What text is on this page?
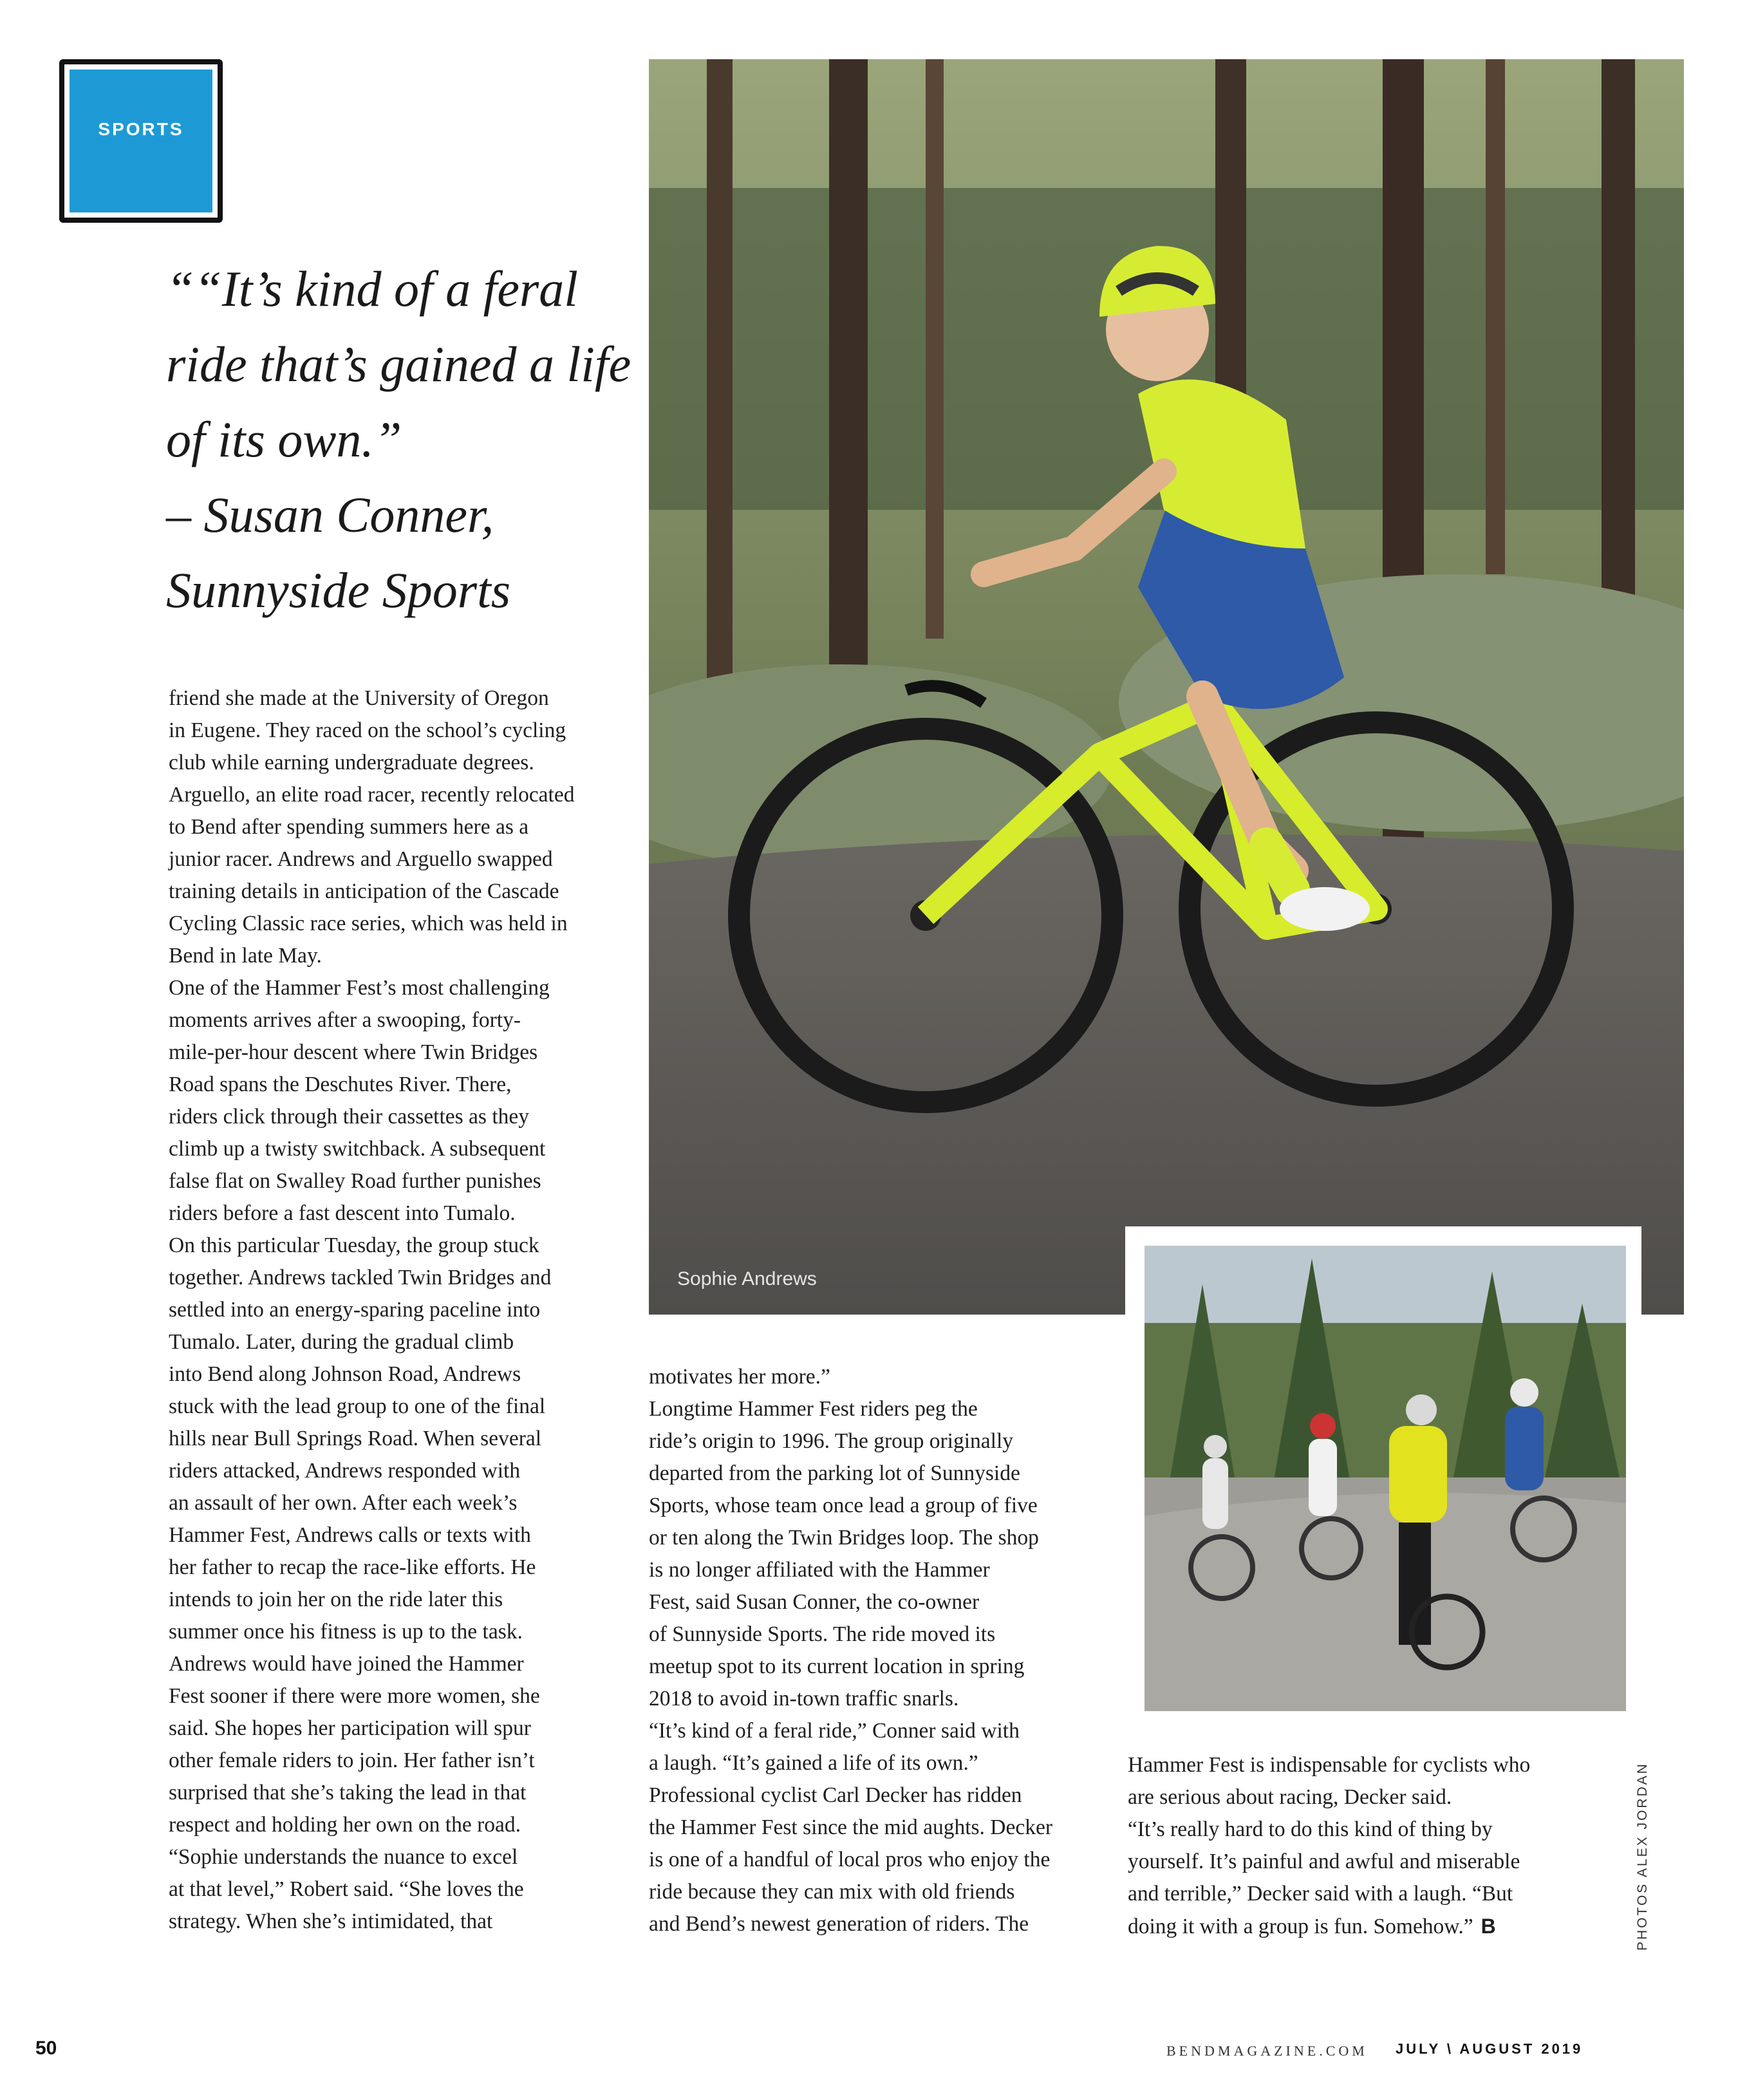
SPORTS
““It’s kind of a feral
ride that’s gained a life
of its own.”
– Susan Conner,
Sunnyside Sports
Sophie Andrews
friend she made at the University of Oregon
in Eugene. They raced on the school’s cycling
club while earning undergraduate degrees.
Arguello, an elite road racer, recently relocated
to Bend after spending summers here as a
junior racer. Andrews and Arguello swapped
training details in anticipation of the Cascade
Cycling Classic race series, which was held in
Bend in late May.
One of the Hammer Fest’s most challenging
moments arrives after a swooping, forty-
mile-per-hour descent where Twin Bridges
Road spans the Deschutes River. There,
riders click through their cassettes as they
climb up a twisty switchback. A subsequent
false flat on Swalley Road further punishes
riders before a fast descent into Tumalo.
On this particular Tuesday, the group stuck
together. Andrews tackled Twin Bridges and
settled into an energy-sparing paceline into
Tumalo. Later, during the gradual climb
into Bend along Johnson Road, Andrews
stuck with the lead group to one of the final
hills near Bull Springs Road. When several
riders attacked, Andrews responded with
an assault of her own. After each week’s
Hammer Fest, Andrews calls or texts with
her father to recap the race-like efforts. He
intends to join her on the ride later this
summer once his fitness is up to the task.
Andrews would have joined the Hammer
Fest sooner if there were more women, she
said. She hopes her participation will spur
other female riders to join. Her father isn’t
surprised that she’s taking the lead in that
respect and holding her own on the road.
“Sophie understands the nuance to excel
at that level,” Robert said. “She loves the
strategy. When she’s intimidated, that
motivates her more.”
Longtime Hammer Fest riders peg the
ride’s origin to 1996. The group originally
departed from the parking lot of Sunnyside
Sports, whose team once lead a group of five
or ten along the Twin Bridges loop. The shop
is no longer affiliated with the Hammer
Fest, said Susan Conner, the co-owner
of Sunnyside Sports. The ride moved its
meetup spot to its current location in spring
2018 to avoid in-town traffic snarls.
“It’s kind of a feral ride,” Conner said with
a laugh. “It’s gained a life of its own.”
Professional cyclist Carl Decker has ridden
the Hammer Fest since the mid aughts. Decker
is one of a handful of local pros who enjoy the
ride because they can mix with old friends
and Bend’s newest generation of riders. The
Hammer Fest is indispensable for cyclists who
are serious about racing, Decker said.
“It’s really hard to do this kind of thing by
yourself. It’s painful and awful and miserable
and terrible,” Decker said with a laugh. “But
doing it with a group is fun. Somehow.” B	PHOTOS ALEX JORDAN
50	BENDMAGAZINE.COM JULY \ AUGUST 2019
